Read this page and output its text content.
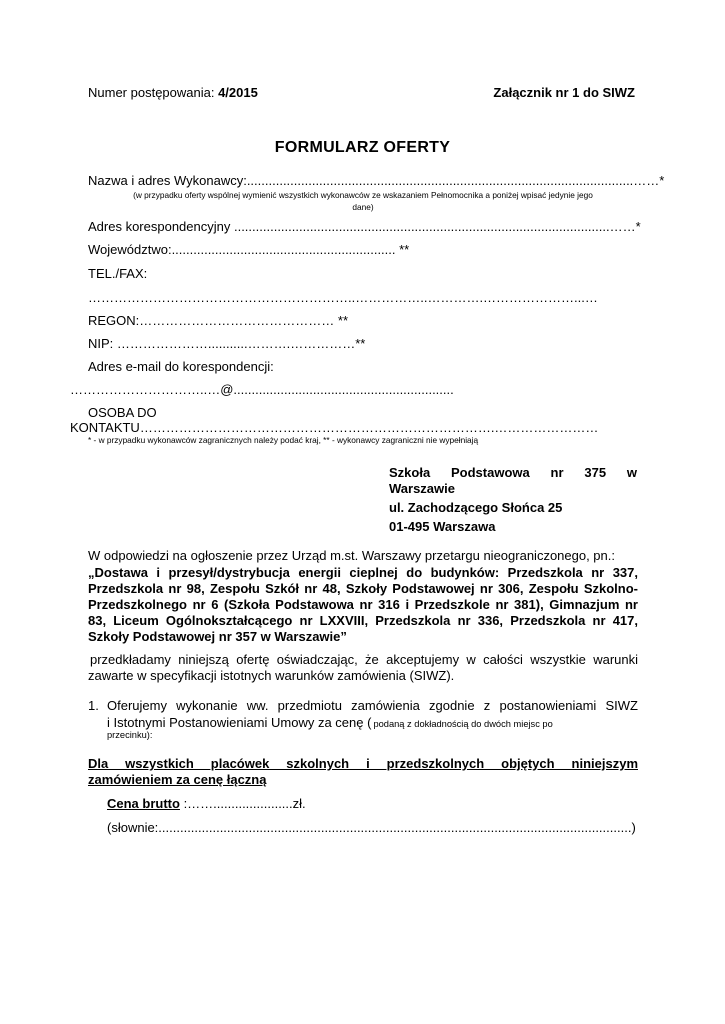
Numer postępowania: 4/2015	Załącznik nr 1 do SIWZ
FORMULARZ OFERTY
Nazwa i adres Wykonawcy:...........................................................................................................……*
(w przypadku oferty wspólnej wymienić wszystkich wykonawców ze wskazaniem Pełnomocnika a poniżej wpisać jedynie jego
dane)
Adres korespondencyjny ........................................................................................................……*
Województwo:.............................................................. **
TEL./FAX:
……………………………………………………..……………..………….…………………...…
REGON:……………………………………… **
NIP: …………………...........……….……………**
Adres e-mail do korespondencji:
…………………………..…@.............................................................
OSOBA DO
KONTAKTU……………………………………………………………………….……………………
* - w przypadku wykonawców zagranicznych należy podać kraj, ** - wykonawcy zagraniczni nie wypełniają
Szkoła Podstawowa nr 375 w
Warszawie
ul. Zachodzącego Słońca 25
01-495 Warszawa
W odpowiedzi na ogłoszenie przez Urząd m.st. Warszawy przetargu nieograniczonego, pn.:
„Dostawa i przesył/dystrybucja energii cieplnej do budynków: Przedszkola nr 337,
Przedszkola nr 98, Zespołu Szkół nr 48, Szkoły Podstawowej nr 306, Zespołu Szkolno-
Przedszkolnego nr 6 (Szkoła Podstawowa nr 316 i Przedszkole nr 381), Gimnazjum nr
83, Liceum Ogólnokształcącego nr LXXVIII, Przedszkola nr 336, Przedszkola nr 417,
Szkoły Podstawowej nr 357 w Warszawie”
przedkładamy niniejszą ofertę oświadczając, że akceptujemy w całości wszystkie warunki
zawarte w specyfikacji istotnych warunków zamówienia (SIWZ).
1. Oferujemy wykonanie ww. przedmiotu zamówienia zgodnie z postanowieniami SIWZ
i Istotnymi Postanowieniami Umowy za cenę ( podaną z dokładnością do dwóch miejsc po
przecinku):
Dla wszystkich placówek szkolnych i przedszkolnych objętych niniejszym
zamówieniem za cenę łączną
Cena brutto :……......................zł.
(słownie:...................................................................................................................................)
